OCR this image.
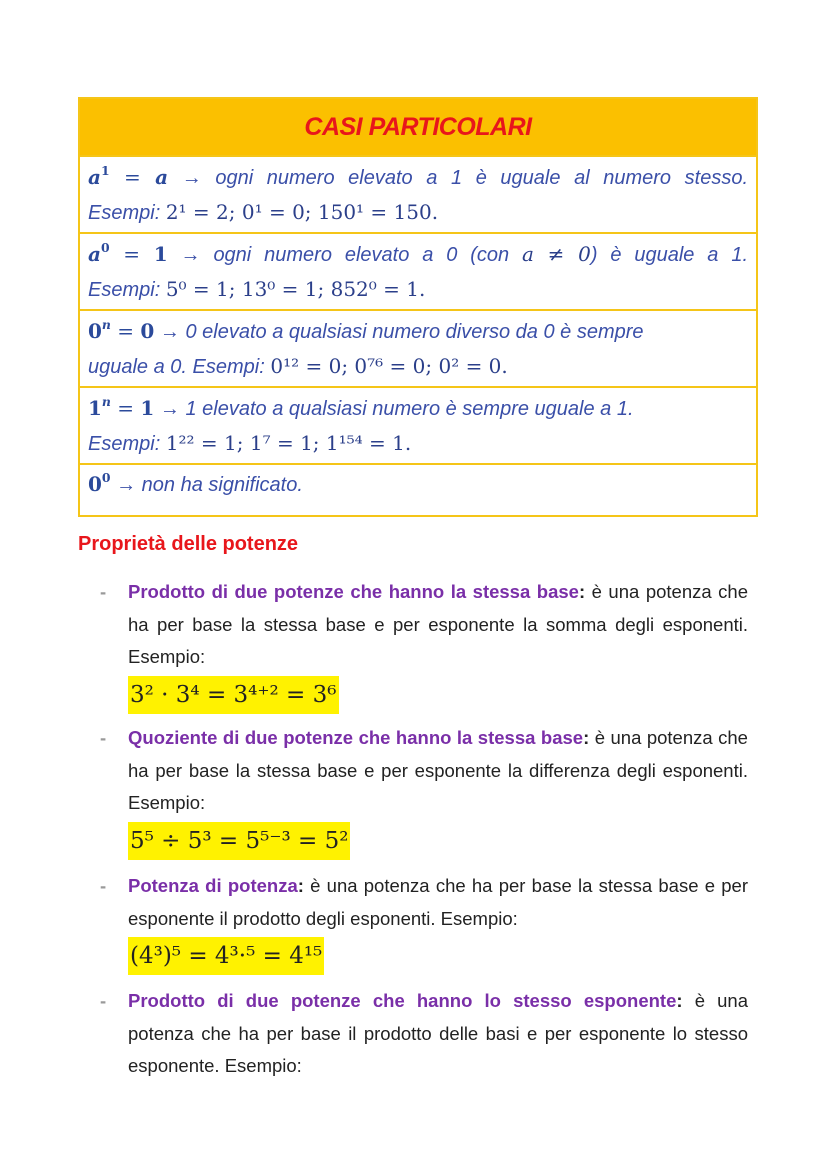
CASI PARTICOLARI
$a^1 = a$ → ogni numero elevato a 1 è uguale al numero stesso.
Esempi: 2¹ = 2; 0¹ = 0; 150¹ = 150.
$a^0 = 1$ → ogni numero elevato a 0 (con a ≠ 0) è uguale a 1.
Esempi: 5⁰ = 1; 13⁰ = 1; 852⁰ = 1.
$0^n = 0 \to 0$ elevato a qualsiasi numero diverso da 0 è sempre
uguale a 0. Esempi: 0¹² = 0; 0⁷⁶ = 0; 0² = 0.
$1^n = 1 \to 1$ elevato a qualsiasi numero è sempre uguale a 1.
Esempi: 1²² = 1; 1⁷ = 1; 1¹⁵⁴ = 1.
$0^0$ → non ha significato.
Proprietà delle potenze
- Prodotto di due potenze che hanno la stessa base: è una potenza che ha per base la stessa base e per esponente la somma degli esponenti. Esempio:
3² · 3⁴ = 3⁴⁺² = 3⁶
- Quoziente di due potenze che hanno la stessa base: è una potenza che ha per base la stessa base e per esponente la differenza degli esponenti. Esempio:
5⁵ ÷ 5³ = 5⁵⁻³ = 5²
- Potenza di potenza: è una potenza che ha per base la stessa base e per esponente il prodotto degli esponenti. Esempio:
(4³)⁵ = 4³·⁵ = 4¹⁵
- Prodotto di due potenze che hanno lo stesso esponente: è una potenza che ha per base il prodotto delle basi e per esponente lo stesso esponente. Esempio:
